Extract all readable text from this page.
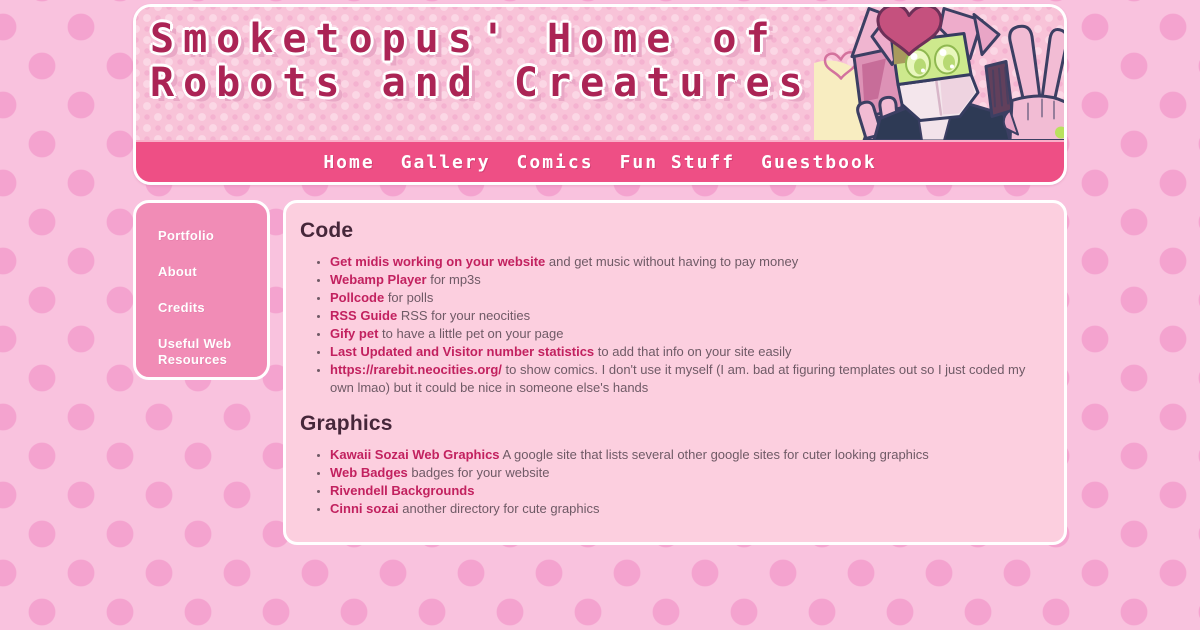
Smoketopus' Home of
Robots and Creatures
Home Gallery Comics Fun Stuff Guestbook
Portfolio
About
Credits
Useful Web Resources
Code
• Get midis working on your website and get music without having to pay money
• Webamp Player for mp3s
• Pollcode for polls
• RSS Guide RSS for your neocities
• Gify pet to have a little pet on your page
• Last Updated and Visitor number statistics to add that info on your site easily
• https://rarebit.neocities.org/ to show comics. I don't use it myself (I am. bad at figuring templates out so I just coded my own lmao) but it could be nice in someone else's hands
Graphics
• Kawaii Sozai Web Graphics A google site that lists several other google sites for cuter looking graphics
• Web Badges badges for your website
• Rivendell Backgrounds
• Cinni sozai another directory for cute graphics
